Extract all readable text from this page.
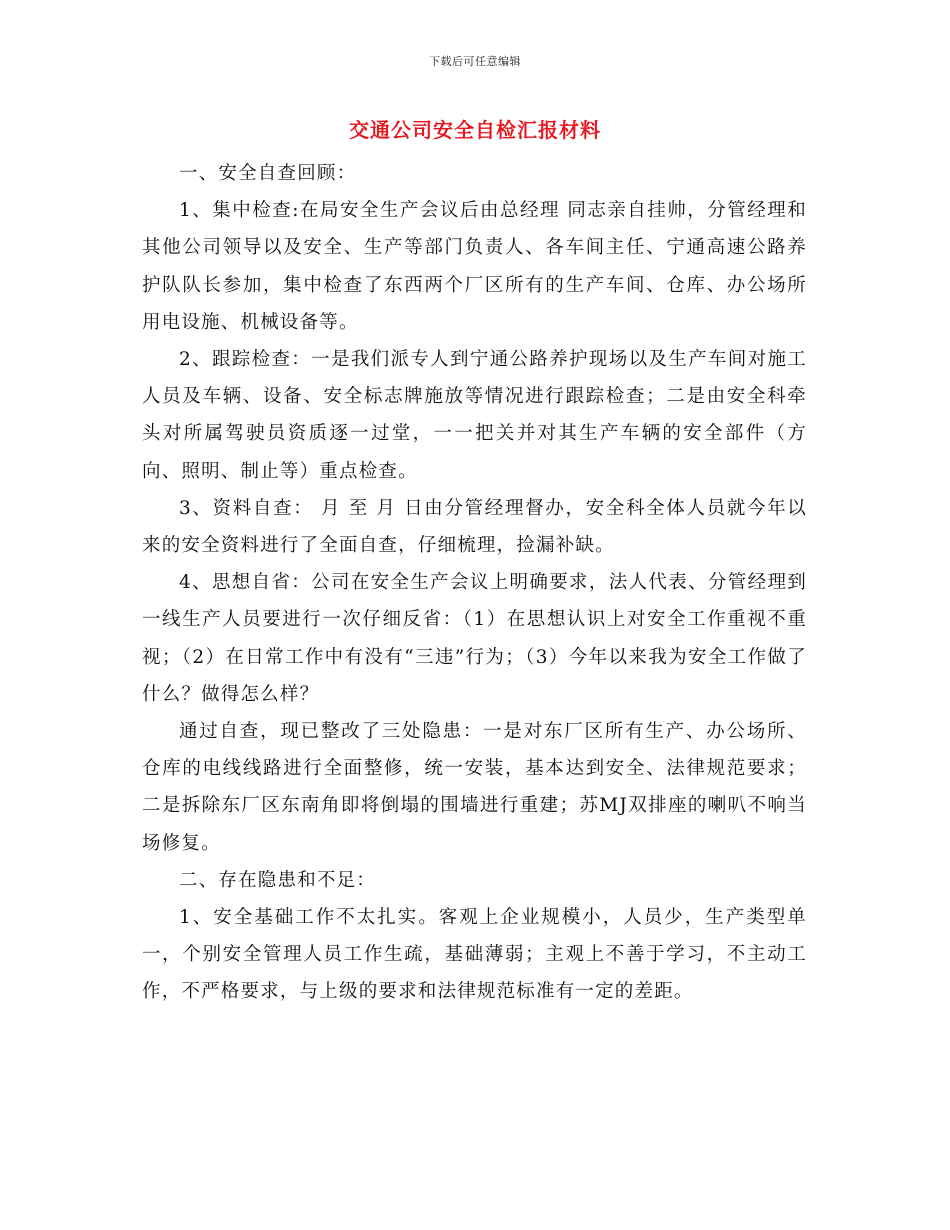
下载后可任意编辑
交通公司安全自检汇报材料

一、安全自查回顾：

1、集中检查:在局安全生产会议后由总经理 同志亲自挂帅，分管经理和其他公司领导以及安全、生产等部门负责人、各车间主任、宁通高速公路养护队队长参加，集中检查了东西两个厂区所有的生产车间、仓库、办公场所用电设施、机械设备等。

2、跟踪检查：一是我们派专人到宁通公路养护现场以及生产车间对施工人员及车辆、设备、安全标志牌施放等情况进行跟踪检查；二是由安全科牵头对所属驾驶员资质逐一过堂，一一把关并对其生产车辆的安全部件（方向、照明、制止等）重点检查。

3、资料自查： 月 至 月 日由分管经理督办，安全科全体人员就今年以来的安全资料进行了全面自查，仔细梳理，捡漏补缺。

4、思想自省：公司在安全生产会议上明确要求，法人代表、分管经理到一线生产人员要进行一次仔细反省：（1）在思想认识上对安全工作重视不重视；（2）在日常工作中有没有“三违”行为；（3）今年以来我为安全工作做了什么？做得怎么样？

通过自查，现已整改了三处隐患：一是对东厂区所有生产、办公场所、仓库的电线线路进行全面整修，统一安装，基本达到安全、法律规范要求；二是拆除东厂区东南角即将倒塌的围墙进行重建；苏MJ双排座的喇叭不响当场修复。

二、存在隐患和不足：

1、安全基础工作不太扎实。客观上企业规模小，人员少，生产类型单一，个别安全管理人员工作生疏，基础薄弱；主观上不善于学习，不主动工作，不严格要求，与上级的要求和法律规范标准有一定的差距。
